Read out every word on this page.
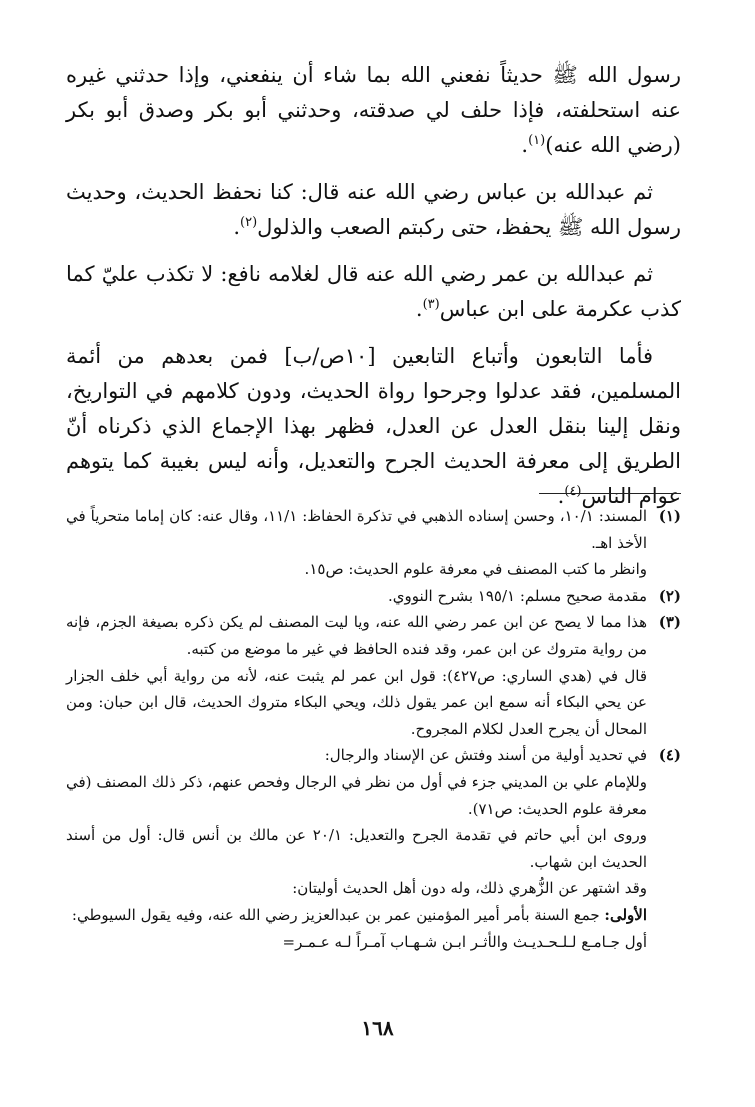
رسول الله ﷺ حديثاً نفعني الله بما شاء أن ينفعني، وإذا حدثني غيره عنه استحلفته، فإذا حلف لي صدقته، وحدثني أبو بكر وصدق أبو بكر (رضي الله عنه)$^{(١)}$.

ثم عبدالله بن عباس رضي الله عنه قال: كنا نحفظ الحديث، وحديث رسول الله ﷺ يحفظ، حتى ركبتم الصعب والذلول$^{(٢)}$.

ثم عبدالله بن عمر رضي الله عنه قال لغلامه نافع: لا تكذب عليّ كما كذب عكرمة على ابن عباس$^{(٣)}$.

فأما التابعون وأتباع التابعين [١٠ص/ب] فمن بعدهم من أئمة المسلمين، فقد عدلوا وجرحوا رواة الحديث، ودون كلامهم في التواريخ، ونقل إلينا بنقل العدل عن العدل، فظهر بهذا الإجماع الذي ذكرناه أنّ الطريق إلى معرفة الحديث الجرح والتعديل، وأنه ليس بغيبة كما يتوهم عوام الناس$^{(٤)}$.

(١)
المسند: ١٠/١، وحسن إسناده الذهبي في تذكرة الحفاظ: ١١/١، وقال عنه: كان إماما متحرياً في الأخذ اهـ.
وانظر ما كتب المصنف في معرفة علوم الحديث: ص١٥.
(٢)
مقدمة صحيح مسلم: ١٩٥/١ بشرح النووي.
(٣)
هذا مما لا يصح عن ابن عمر رضي الله عنه، ويا ليت المصنف لم يكن ذكره بصيغة الجزم، فإنه من رواية متروك عن ابن عمر، وقد فنده الحافظ في غير ما موضع من كتبه.
قال في (هدي الساري: ص٤٢٧): قول ابن عمر لم يثبت عنه، لأنه من رواية أبي خلف الجزار عن يحي البكاء أنه سمع ابن عمر يقول ذلك، ويحي البكاء متروك الحديث، قال ابن حبان: ومن المحال أن يجرح العدل لكلام المجروح.
(٤)
في تحديد أولية من أسند وفتش عن الإسناد والرجال:
وللإمام علي بن المديني جزء في أول من نظر في الرجال وفحص عنهم، ذكر ذلك المصنف (في معرفة علوم الحديث: ص٧١).
وروى ابن أبي حاتم في تقدمة الجرح والتعديل: ٢٠/١ عن مالك بن أنس قال: أول من أسند الحديث ابن شهاب.
وقد اشتهر عن الزُّهري ذلك، وله دون أهل الحديث أوليتان:
الأولى: جمع السنة بأمر أمير المؤمنين عمر بن عبدالعزيز رضي الله عنه، وفيه يقول السيوطي:
أول جـامـع لـلـحـديـث والأثـر ابـن شـهـاب آمـراً لـه عـمـر=
١٦٨
